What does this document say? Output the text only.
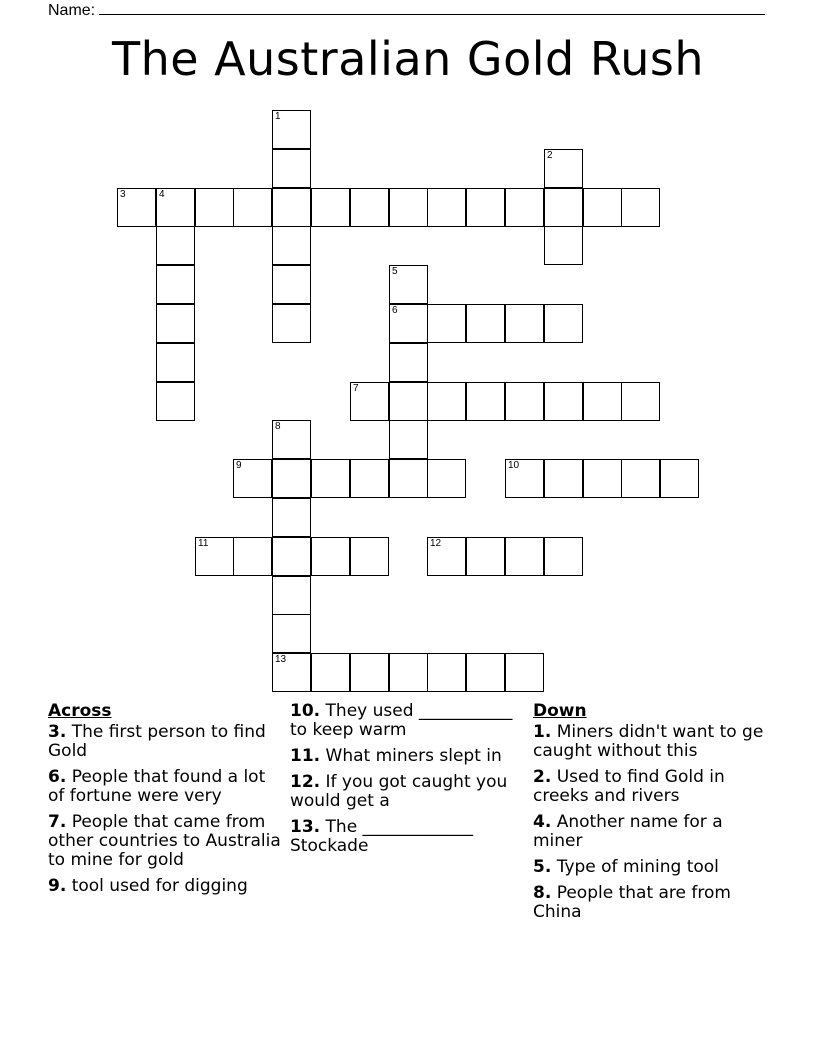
Name:
The Australian Gold Rush
1
2
3	4
5
6
7
8
9	10
11	12
13
Across
3. The first person to find Gold
6. People that found a lot of fortune were very
7. People that came from other countries to Australia to mine for gold
9. tool used for digging
10. They used ___________ to keep warm
11. What miners slept in
12. If you got caught you would get a
13. The _____________ Stockade
Down
1. Miners didn't want to ge caught without this
2. Used to find Gold in creeks and rivers
4. Another name for a miner
5. Type of mining tool
8. People that are from China
